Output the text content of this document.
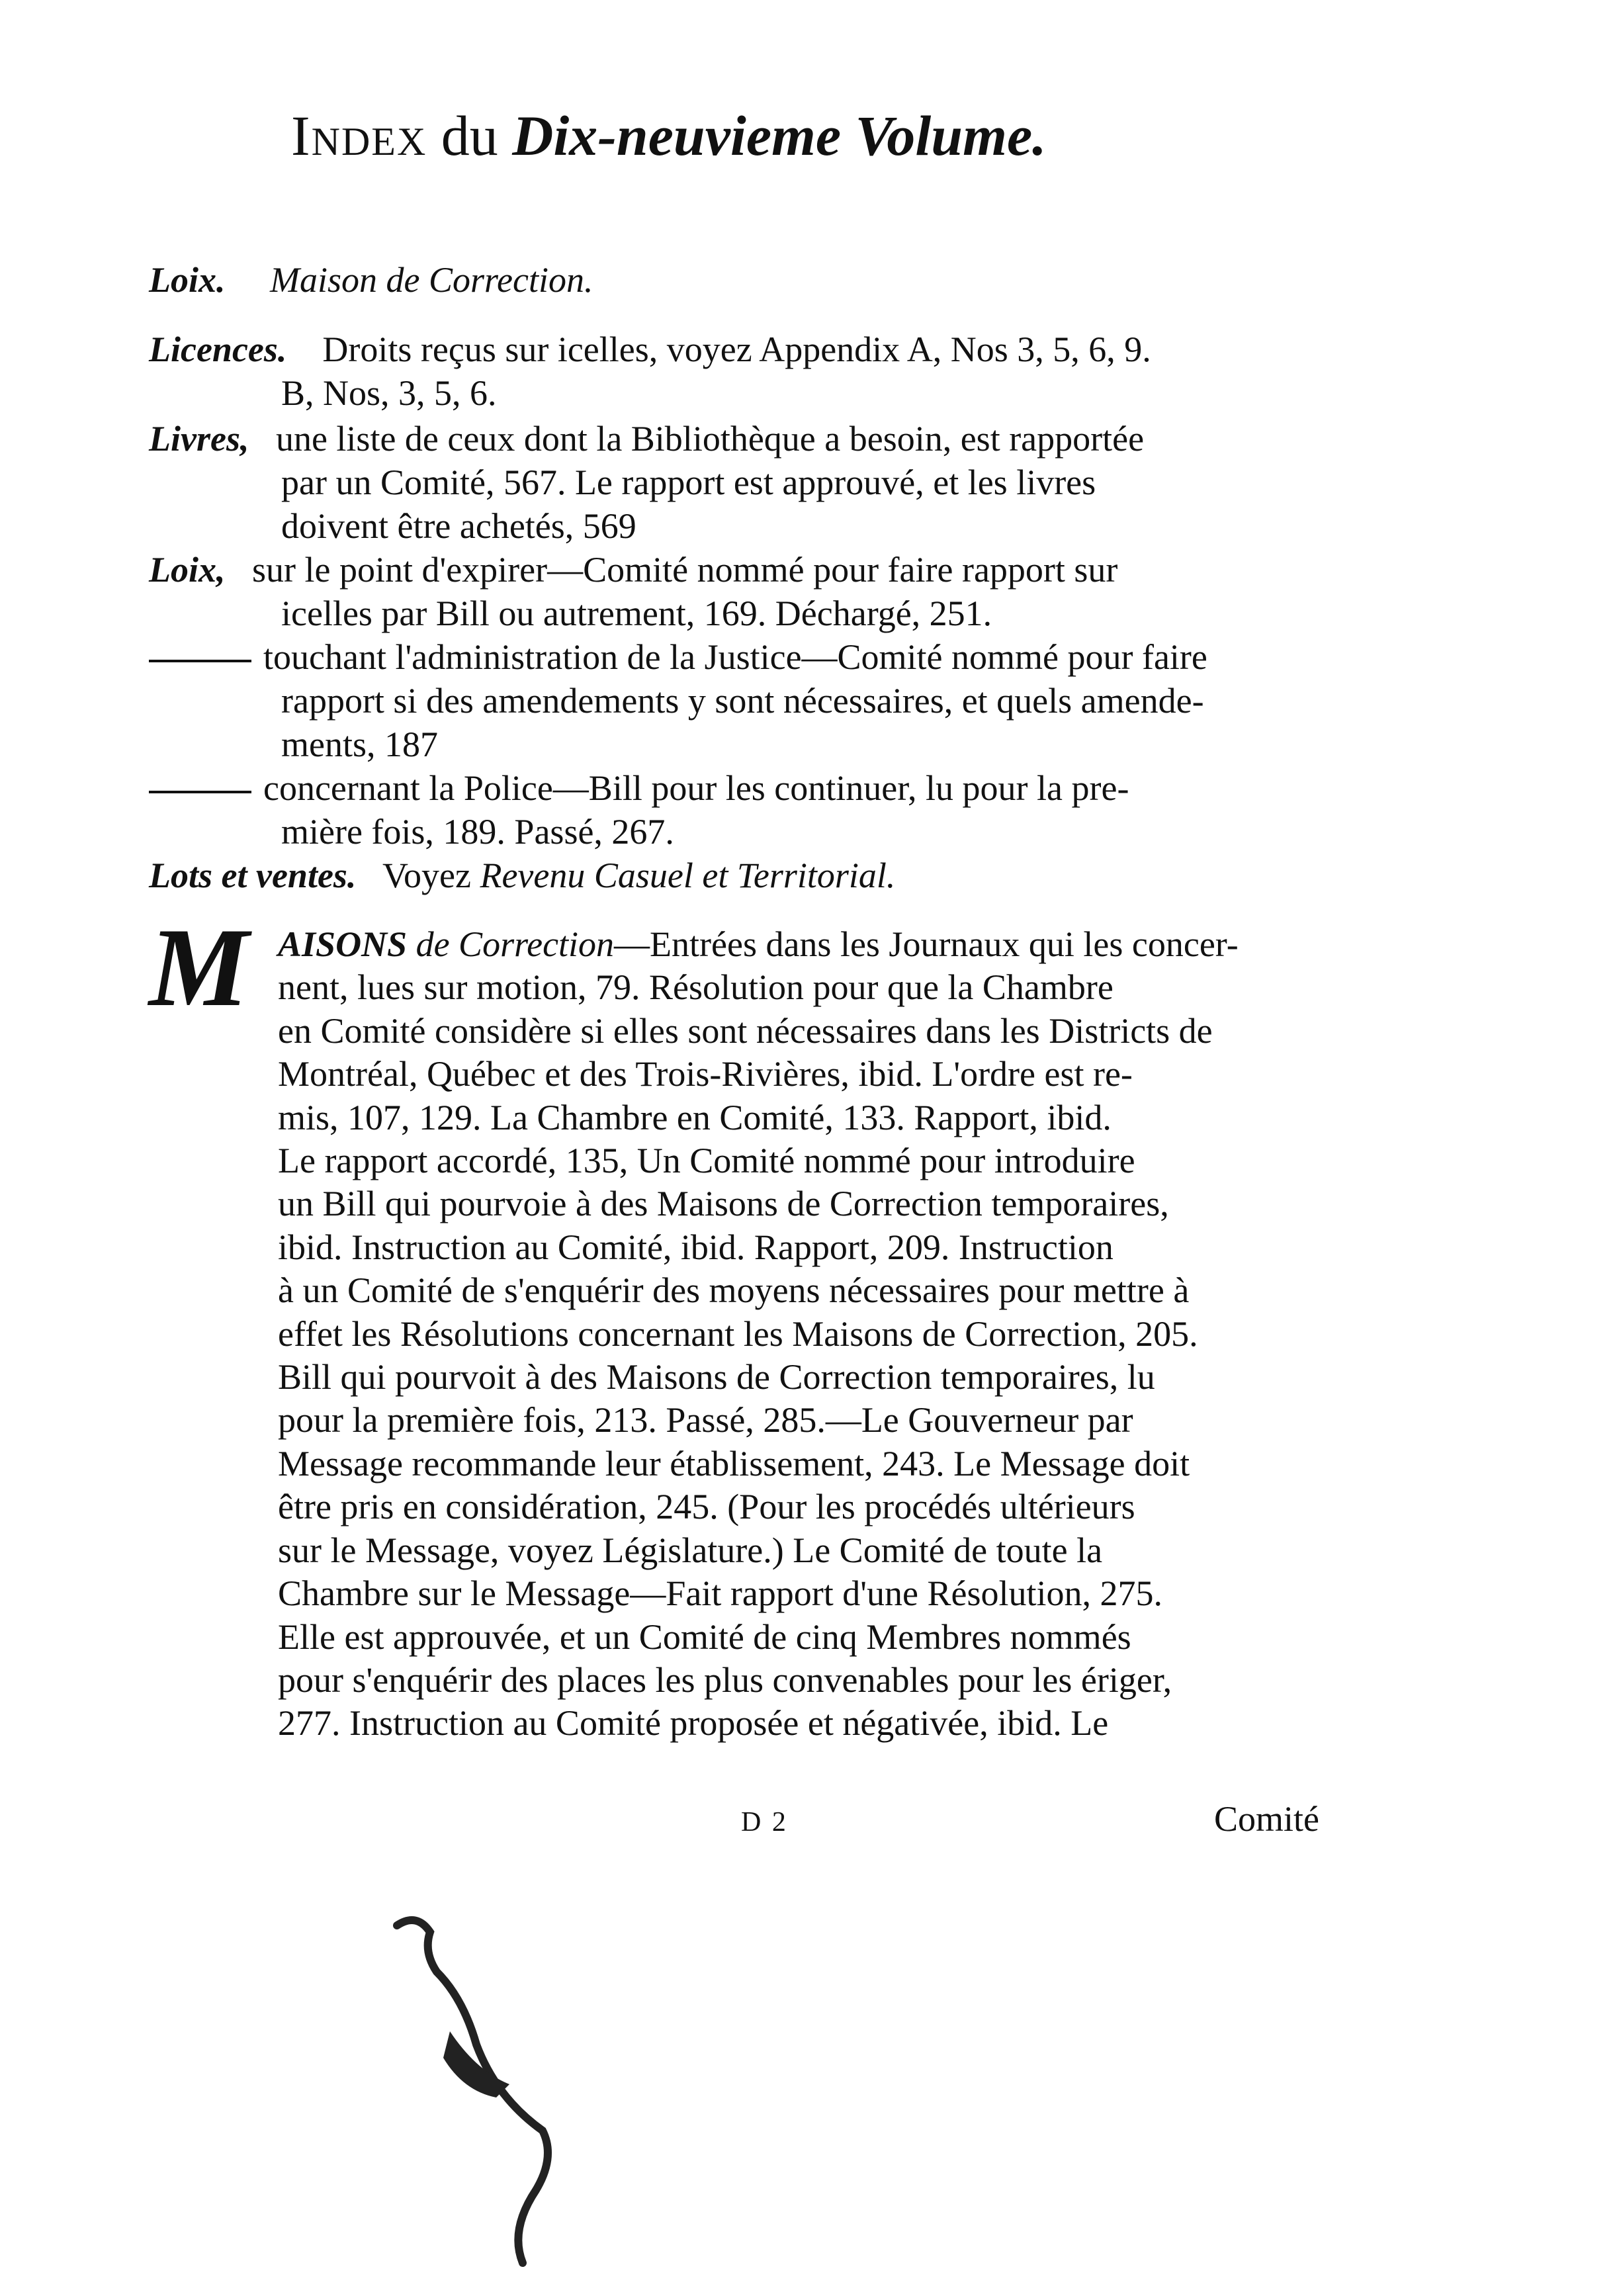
Index du Dix-neuvieme Volume.
Loix. Maison de Correction.
Licences. Droits reçus sur icelles, voyez Appendix A, Nos 3, 5, 6, 9.
B, Nos, 3, 5, 6.
Livres, une liste de ceux dont la Bibliothèque a besoin, est rapportée
par un Comité, 567. Le rapport est approuvé, et les livres
doivent être achetés, 569
Loix, sur le point d'expirer—Comité nommé pour faire rapport sur
icelles par Bill ou autrement, 169. Déchargé, 251.
touchant l'administration de la Justice—Comité nommé pour faire
rapport si des amendements y sont nécessaires, et quels amende-
ments, 187
concernant la Police—Bill pour les continuer, lu pour la pre-
mière fois, 189. Passé, 267.
Lots et ventes. Voyez Revenu Casuel et Territorial.
M AISONS de Correction—Entrées dans les Journaux qui les concer-
nent, lues sur motion, 79. Résolution pour que la Chambre
en Comité considère si elles sont nécessaires dans les Districts de
Montréal, Québec et des Trois-Rivières, ibid. L'ordre est re-
mis, 107, 129. La Chambre en Comité, 133. Rapport, ibid.
Le rapport accordé, 135, Un Comité nommé pour introduire
un Bill qui pourvoie à des Maisons de Correction temporaires,
ibid. Instruction au Comité, ibid. Rapport, 209. Instruction
à un Comité de s'enquérir des moyens nécessaires pour mettre à
effet les Résolutions concernant les Maisons de Correction, 205.
Bill qui pourvoit à des Maisons de Correction temporaires, lu
pour la première fois, 213. Passé, 285.—Le Gouverneur par
Message recommande leur établissement, 243. Le Message doit
être pris en considération, 245. (Pour les procédés ultérieurs
sur le Message, voyez Législature.) Le Comité de toute la
Chambre sur le Message—Fait rapport d'une Résolution, 275.
Elle est approuvée, et un Comité de cinq Membres nommés
pour s'enquérir des places les plus convenables pour les ériger,
277. Instruction au Comité proposée et négativée, ibid. Le
D 2	Comité
